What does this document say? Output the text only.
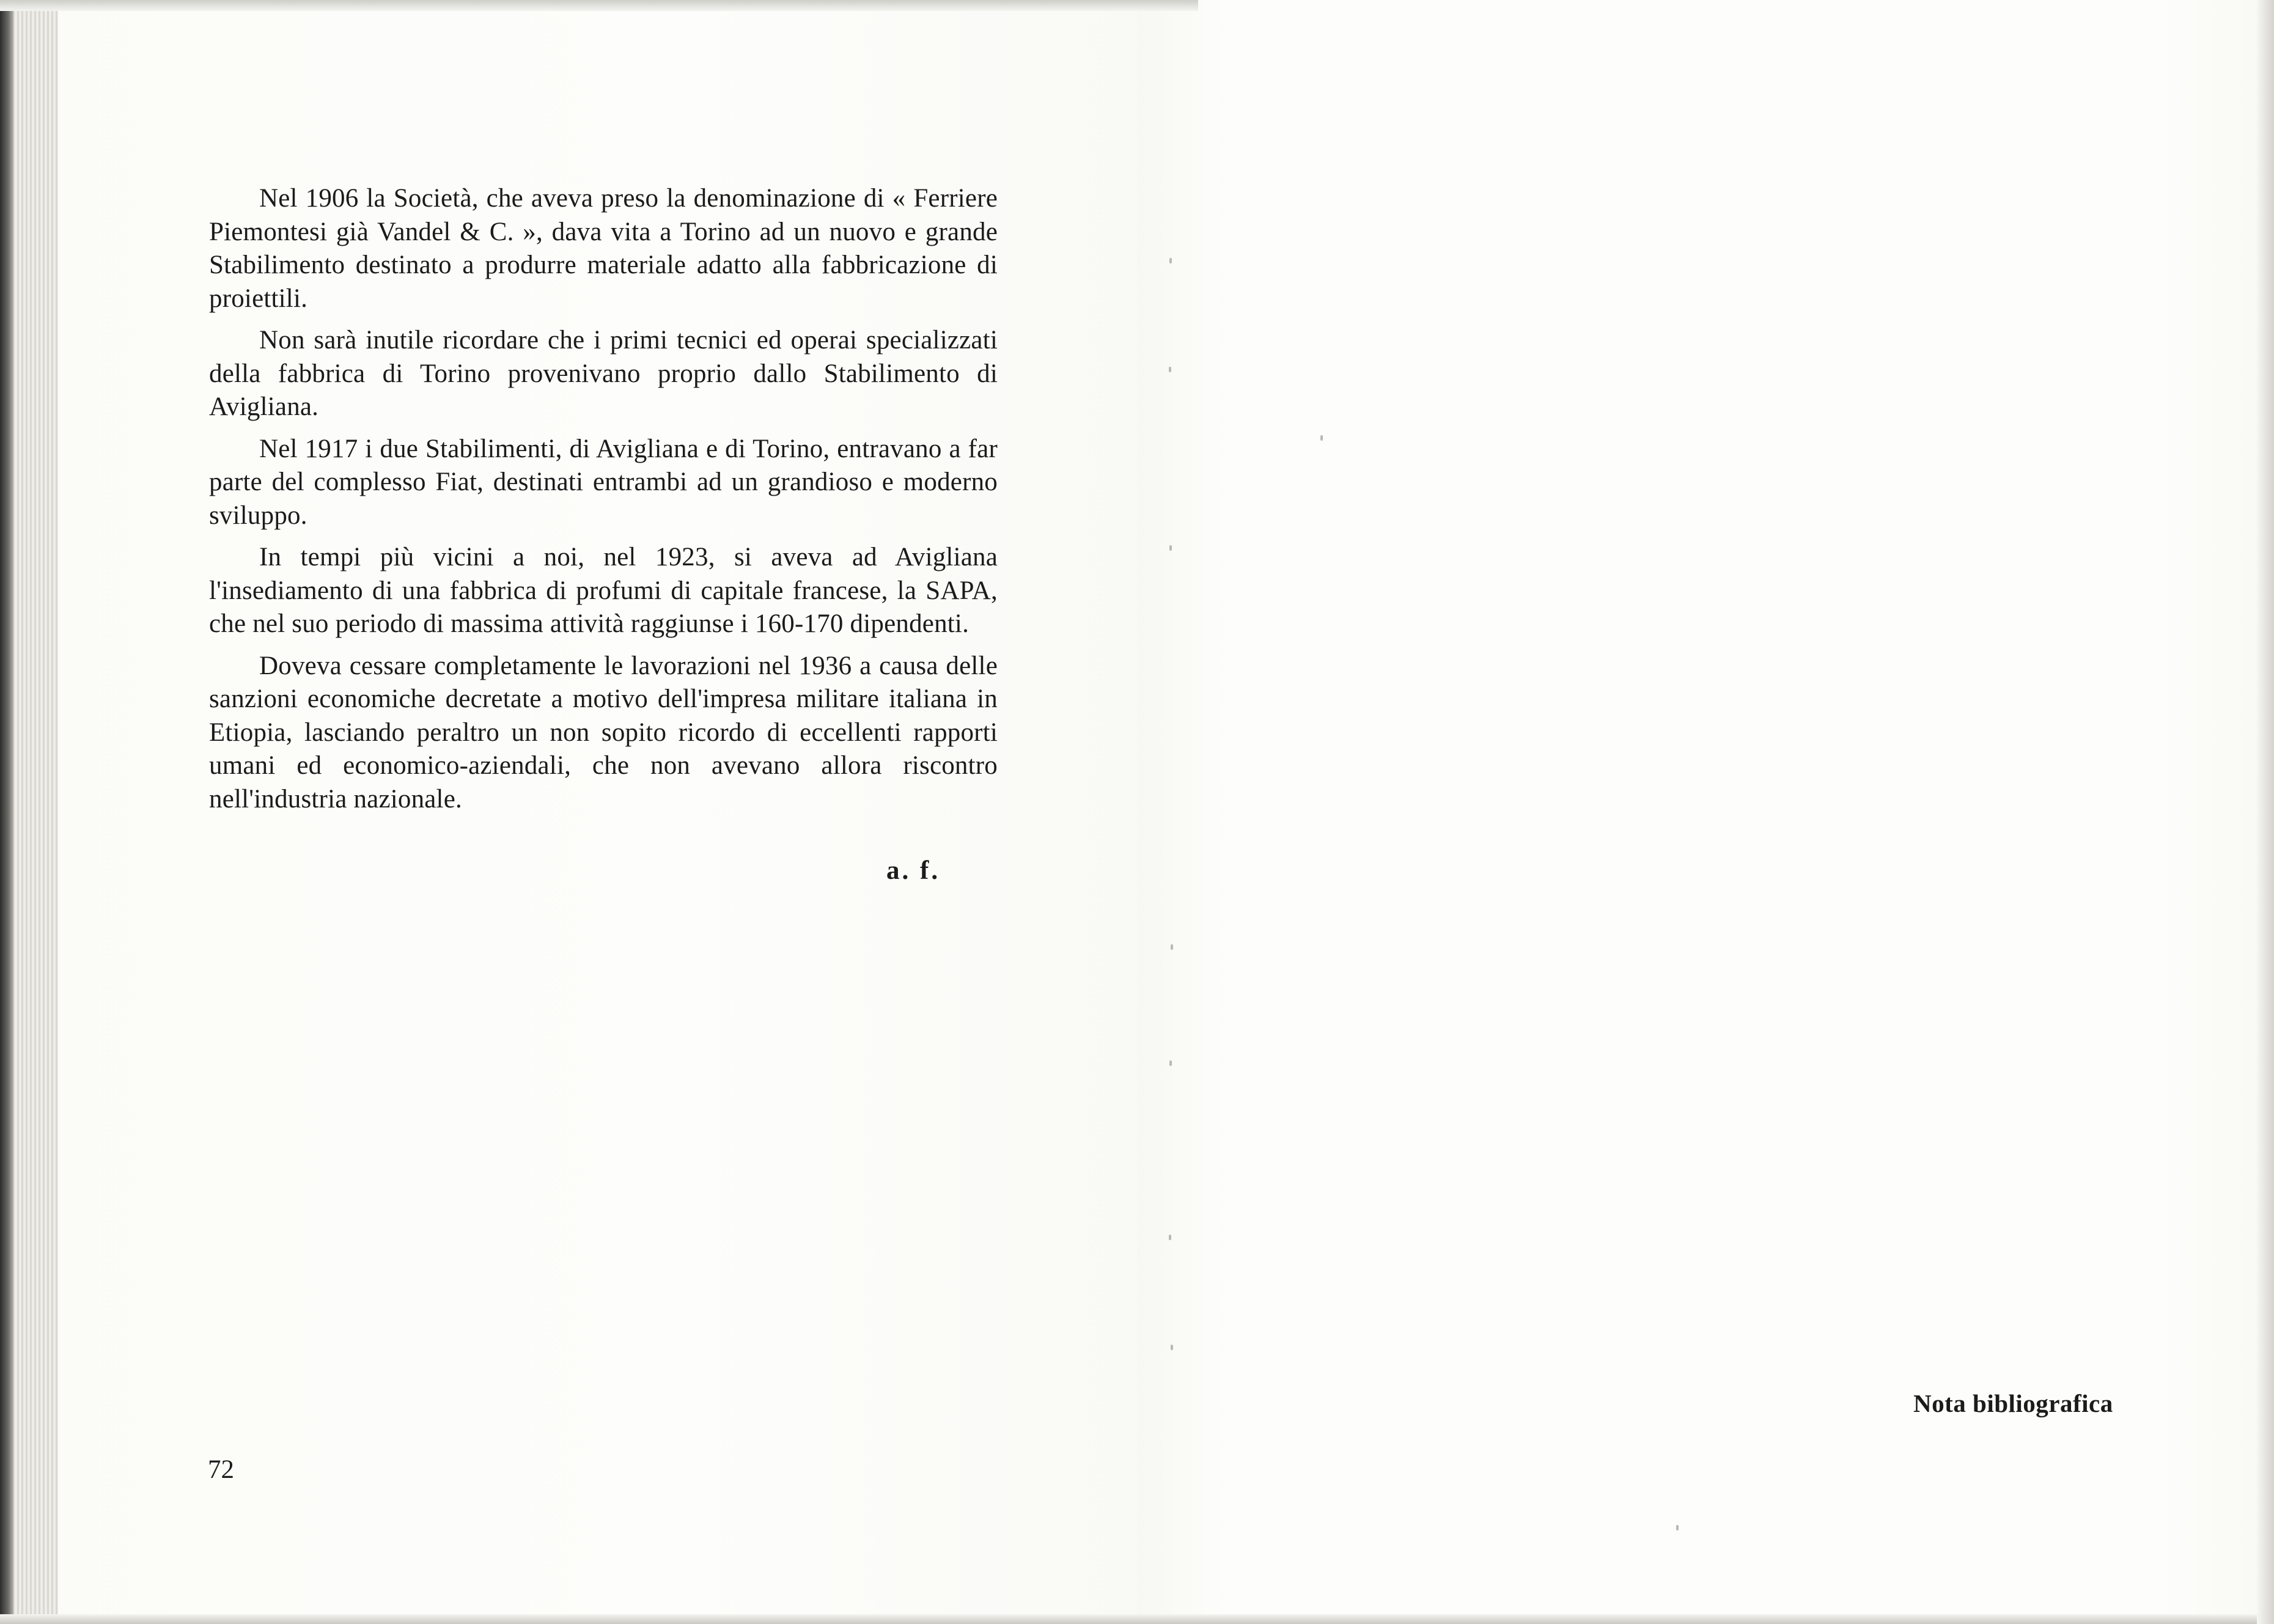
Nel 1906 la Società, che aveva preso la denominazione di « Ferriere Piemontesi già Vandel & C. », dava vita a Torino ad un nuovo e grande Stabilimento destinato a produrre materiale adatto alla fabbricazione di proiettili.

Non sarà inutile ricordare che i primi tecnici ed operai specializzati della fabbrica di Torino provenivano proprio dallo Stabilimento di Avigliana.

Nel 1917 i due Stabilimenti, di Avigliana e di Torino, entravano a far parte del complesso Fiat, destinati entrambi ad un grandioso e moderno sviluppo.

In tempi più vicini a noi, nel 1923, si aveva ad Avigliana l'insediamento di una fabbrica di profumi di capitale francese, la SAPA, che nel suo periodo di massima attività raggiunse i 160-170 dipendenti.

Doveva cessare completamente le lavorazioni nel 1936 a causa delle sanzioni economiche decretate a motivo dell'impresa militare italiana in Etiopia, lasciando peraltro un non sopito ricordo di eccellenti rapporti umani ed economico-aziendali, che non avevano allora riscontro nell'industria nazionale.

a. f.
72
Nota bibliografica
